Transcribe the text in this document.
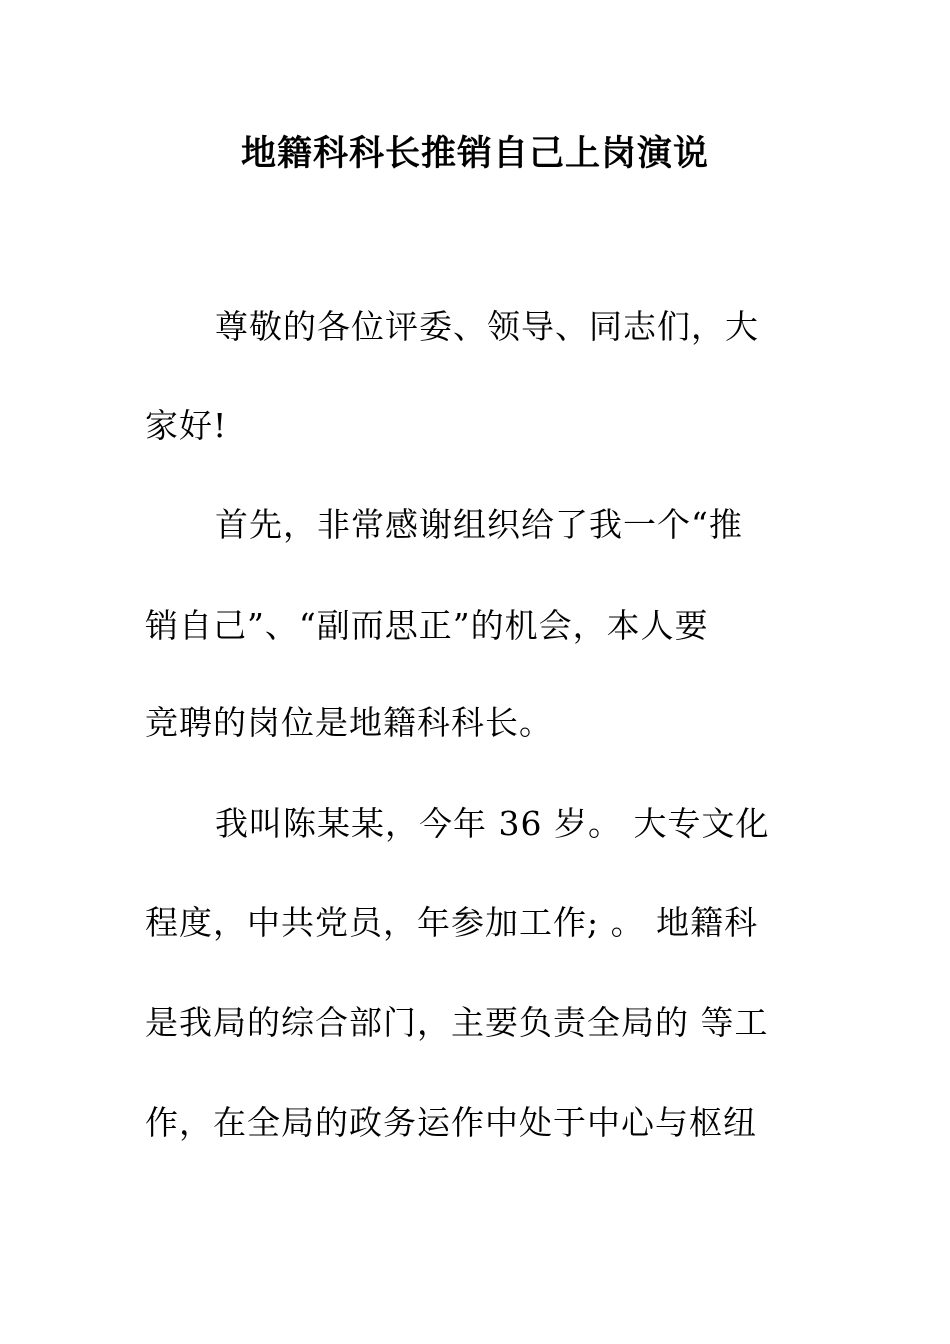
地籍科科长推销自己上岗演说
尊敬的各位评委、领导、同志们，大
家好!
首先，非常感谢组织给了我一个“推
销自己”、“副而思正”的机会，本人要
竞聘的岗位是地籍科科长。
我叫陈某某，今年 36 岁。 大专文化
程度，中共党员，年参加工作; 。 地籍科
是我局的综合部门，主要负责全局的 等工
作，在全局的政务运作中处于中心与枢纽
